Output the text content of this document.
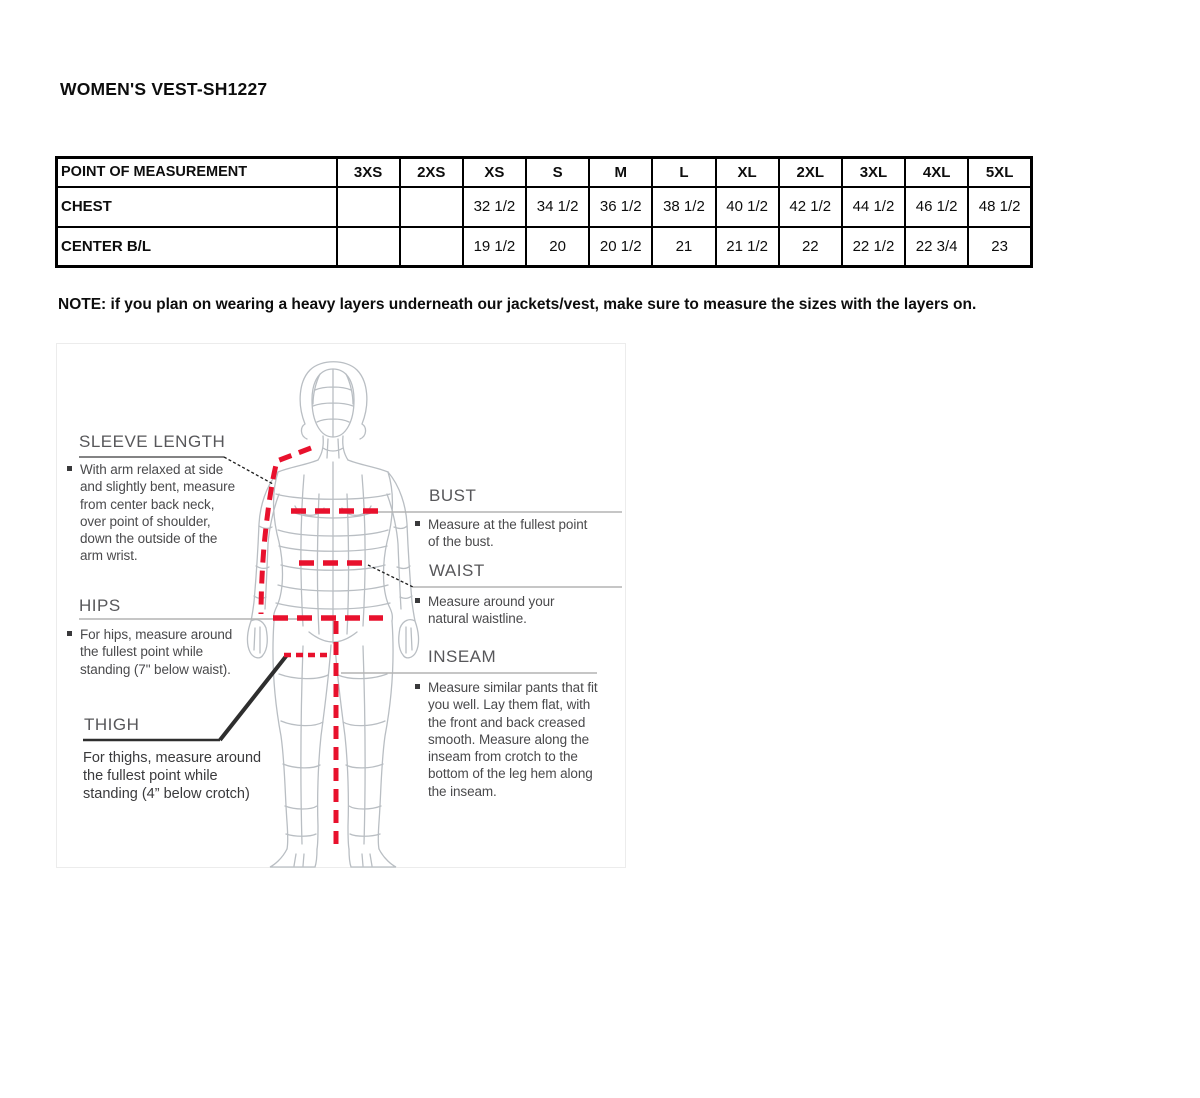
WOMEN'S VEST-SH1227
POINT OF MEASUREMENT	3XS	2XS	XS	S	M	L	XL	2XL	3XL	4XL	5XL
CHEST			32 1/2	34 1/2	36 1/2	38 1/2	40 1/2	42 1/2	44 1/2	46 1/2	48 1/2
CENTER B/L			19 1/2	20	20 1/2	21	21 1/2	22	22 1/2	22 3/4	23
NOTE: if you plan on wearing a heavy layers underneath our jackets/vest, make sure to measure the sizes with the layers on.
SLEEVE LENGTH
With arm relaxed at side and slightly bent, measure from center back neck, over point of shoulder, down the outside of the arm wrist.
HIPS
For hips, measure around the fullest point while standing (7" below waist).
THIGH
For thighs, measure around the fullest point while standing (4” below crotch)
BUST
Measure at the fullest point of the bust.
WAIST
Measure around your natural waistline.
INSEAM
Measure similar pants that fit you well. Lay them flat, with the front and back creased smooth. Measure along the inseam from crotch to the bottom of the leg hem along the inseam.
